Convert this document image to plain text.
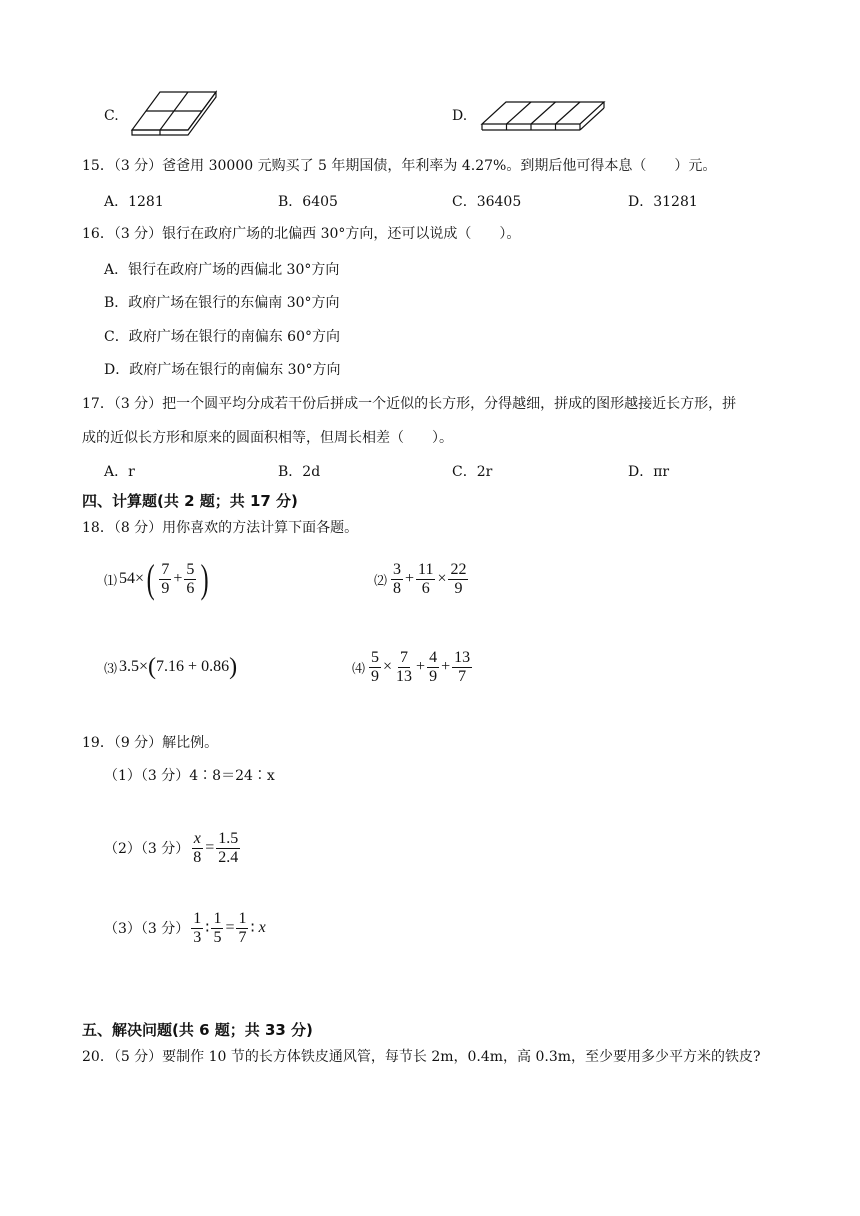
C.	D.
15．（3 分）爸爸用 30000 元购买了 5 年期国债，年利率为 4.27%。到期后他可得本息（　　）元。
A．1281	B．6405	C．36405	D．31281
16．（3 分）银行在政府广场的北偏西 30°方向，还可以说成（　　）。
A．银行在政府广场的西偏北 30°方向
B．政府广场在银行的东偏南 30°方向
C．政府广场在银行的南偏东 60°方向
D．政府广场在银行的南偏东 30°方向
17．（3 分）把一个圆平均分成若干份后拼成一个近似的长方形，分得越细，拼成的图形越接近长方形，拼
成的近似长方形和原来的圆面积相等，但周长相差（　　）。
A．r	B．2d	C．2r	D．πr
四、计算题(共 2 题；共 17 分)
18．（8 分）用你喜欢的方法计算下面各题。
⑴ 54 × ( $\frac{7}{9} + \frac{5}{6}$ )	⑵ $\frac{3}{8} + \frac{11}{6} \times \frac{22}{9}$
⑶ 3.5 × ( 7.16 + 0.86 )	⑷ $\frac{5}{9} \times \frac{7}{13} + \frac{4}{9} + \frac{13}{7}$
19．（9 分）解比例。
（1）（3 分）4∶8＝24∶x
（2）（3 分） $\frac{x}{8} = \frac{1.5}{2.4}$
（3）（3 分） $\frac{1}{3}$ ∶ $\frac{1}{5} = \frac{1}{7}$ ∶ x
五、解决问题(共 6 题；共 33 分)
20．（5 分）要制作 10 节的长方体铁皮通风管，每节长 2m，0.4m，高 0.3m，至少要用多少平方米的铁皮?
